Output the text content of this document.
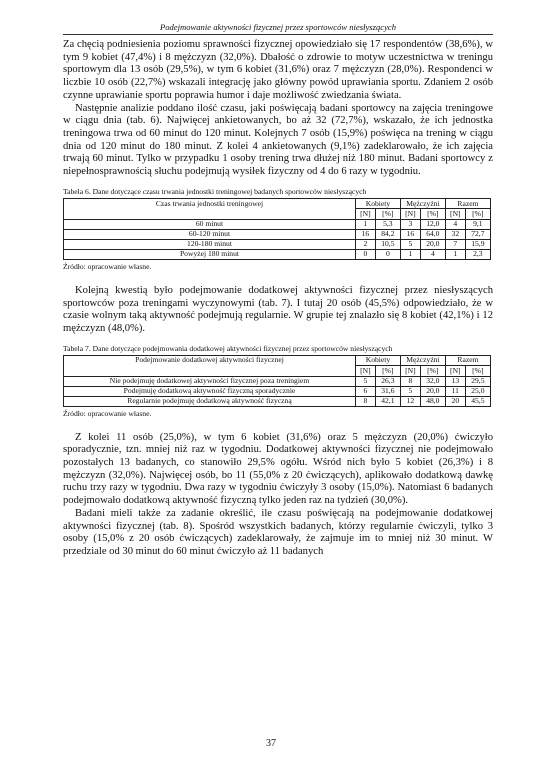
Podejmowanie aktywności fizycznej przez sportowców niesłyszących

Za chęcią podniesienia poziomu sprawności fizycznej opowiedziało się 17 respondentów (38,6%), w tym 9 kobiet (47,4%) i 8 mężczyzn (32,0%). Dbałość o zdrowie to motyw uczestnictwa w treningu sportowym dla 13 osób (29,5%), w tym 6 kobiet (31,6%) oraz 7 mężczyzn (28,0%). Respondenci w liczbie 10 osób (22,7%) wskazali integrację jako główny powód uprawiania sportu. Zdaniem 2 osób czynne uprawianie sportu poprawia humor i daje możliwość zwiedzania świata.

Następnie analizie poddano ilość czasu, jaki poświęcają badani sportowcy na zajęcia treningowe w ciągu dnia (tab. 6). Najwięcej ankietowanych, bo aż 32 (72,7%), wskazało, że ich jednostka treningowa trwa od 60 minut do 120 minut. Kolejnych 7 osób (15,9%) poświęca na trening w ciągu dnia od 120 minut do 180 minut. Z kolei 4 ankietowanych (9,1%) zadeklarowało, że ich zajęcia trwają 60 minut. Tylko w przypadku 1 osoby trening trwa dłużej niż 180 minut. Badani sportowcy z niepełnosprawnością słuchu podejmują wysiłek fizyczny od 4 do 6 razy w tygodniu.

Tabela 6. Dane dotyczące czasu trwania jednostki treningowej badanych sportowców niesłyszących
Czas trwania jednostki treningowej	Kobiety		Mężczyźni		Razem	
	[N]	[%]	[N]	[%]	[N]	[%]
60 minut	1	5,3	3	12,0	4	9,1
60-120 minut	16	84,2	16	64,0	32	72,7
120-180 minut	2	10,5	5	20,0	7	15,9
Powyżej 180 minut	0	0	1	4	1	2,3
Źródło: opracowanie własne.

Kolejną kwestią było podejmowanie dodatkowej aktywności fizycznej przez niesłyszących sportowców poza treningami wyczynowymi (tab. 7). I tutaj 20 osób (45,5%) odpowiedziało, że w czasie wolnym taką aktywność podejmują regularnie. W grupie tej znalazło się 8 kobiet (42,1%) i 12 mężczyzn (48,0%).

Tabela 7. Dane dotyczące podejmowania dodatkowej aktywności fizycznej przez sportowców niesłyszących
Podejmowanie dodatkowej aktywności fizycznej	Kobiety		Mężczyźni		Razem	
	[N]	[%]	[N]	[%]	[N]	[%]
Nie podejmuję dodatkowej aktywności fizycznej poza treningiem	5	26,3	8	32,0	13	29,5
Podejmuję dodatkową aktywność fizyczną sporadycznie	6	31,6	5	20,0	11	25,0
Regularnie podejmuję dodatkową aktywność fizyczną	8	42,1	12	48,0	20	45,5
Źródło: opracowanie własne.

Z kolei 11 osób (25,0%), w tym 6 kobiet (31,6%) oraz 5 mężczyzn (20,0%) ćwiczyło sporadycznie, tzn. mniej niż raz w tygodniu. Dodatkowej aktywności fizycznej nie podejmowało pozostałych 13 badanych, co stanowiło 29,5% ogółu. Wśród nich było 5 kobiet (26,3%) i 8 mężczyzn (32,0%). Najwięcej osób, bo 11 (55,0% z 20 ćwiczących), aplikowało dodatkową dawkę ruchu trzy razy w tygodniu. Dwa razy w tygodniu ćwiczyły 3 osoby (15,0%). Natomiast 6 badanych podejmowało dodatkową aktywność fizyczną tylko jeden raz na tydzień (30,0%).

Badani mieli także za zadanie określić, ile czasu poświęcają na podejmowanie dodatkowej aktywności fizycznej (tab. 8). Spośród wszystkich badanych, którzy regularnie ćwiczyli, tylko 3 osoby (15,0% z 20 osób ćwiczących) zadeklarowały, że zajmuje im to mniej niż 30 minut. W przedziale od 30 minut do 60 minut ćwiczyło aż 11 badanych

37
